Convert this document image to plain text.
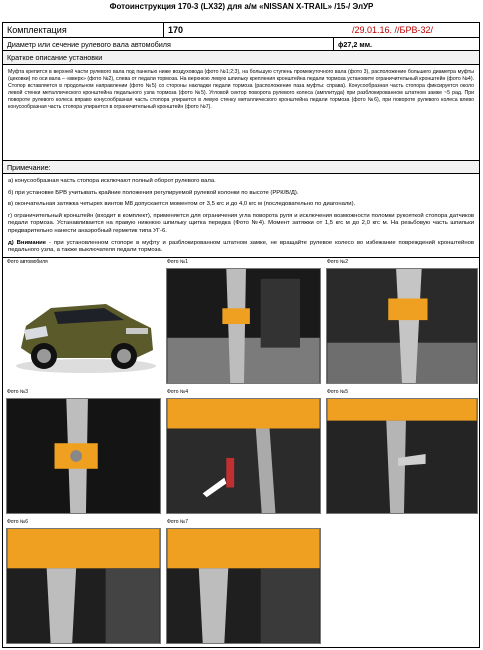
Фотоинструкция 170-3 (LX32) для а/м «NISSAN X-TRAIL» /15-/ ЭлУР
Комплектация	170	/29.01.16. //БРВ-32/
Диаметр или сечение рулевого вала автомобиля	ϕ27,2 мм.
Краткое описание установки
Муфта крепится в верхней части рулевого вала под панелью ниже воздуховода (фото №1;2;3), на большую ступень промежуточного вала (фото 3), расположение большего диаметра муфты (цековки) по оси вала – «вверх» (фото №2), слева от педали тормоза. На верхнюю левую шпильку крепления кронштейна педали тормоза установите ограничительный кронштейн (фото №4). Стопор вставляется в продольном направлении (фото №5) со стороны накладки педали тормоза (расположение паза муфты: справа). Конусообразная часть стопора фиксируется около левой стенки металлического кронштейна педального узла тормоза (фото №5). Угловой сектор поворота рулевого колеса (амплитуда) при разблокированном штатном замке ~5 рад. При повороте рулевого колеса вправо конусообразная часть стопора упирается в левую стенку металлического кронштейна педали тормоза (фото №6), при повороте рулевого колеса влево конусообразная часть стопора упирается в ограничительный кронштейн (фото №7).
Примечание:

а) конусообразная часть стопора исключают полный оборот рулевого вала.

б) при установке БРВ учитывать крайние положения регулируемой рулевой колонки по высоте (РРК/В/Д).

в) окончательная затяжка четырех винтов М8 допускается моментом от 3,5 кгс и до 4,0 кгс м (последовательно по диагонали).

г) ограничительный кронштейн (входит в комплект), применяется для ограничения угла поворота руля и исключения возможности поломки рукояткой стопора датчиков педали тормоза. Устанавливается на правую нижнюю шпильку щитка передка (Фото №4). Момент затяжки от 1,5 кгс м до 2,0 кгс м. На резьбовую часть шпильки предварительно нанести анаэробный герметик типа УГ-6.

д) Внимание - при установленном стопоре в муфту и разблокированном штатном замке, не вращайте рулевое колесо во избежание повреждений кронштейнов педального узла, а также выключателя педали тормоза.

Фото автомобиля	Фото №1	Фото №2
Фото №3	Фото №4	Фото №5
Фото №6	Фото №7
